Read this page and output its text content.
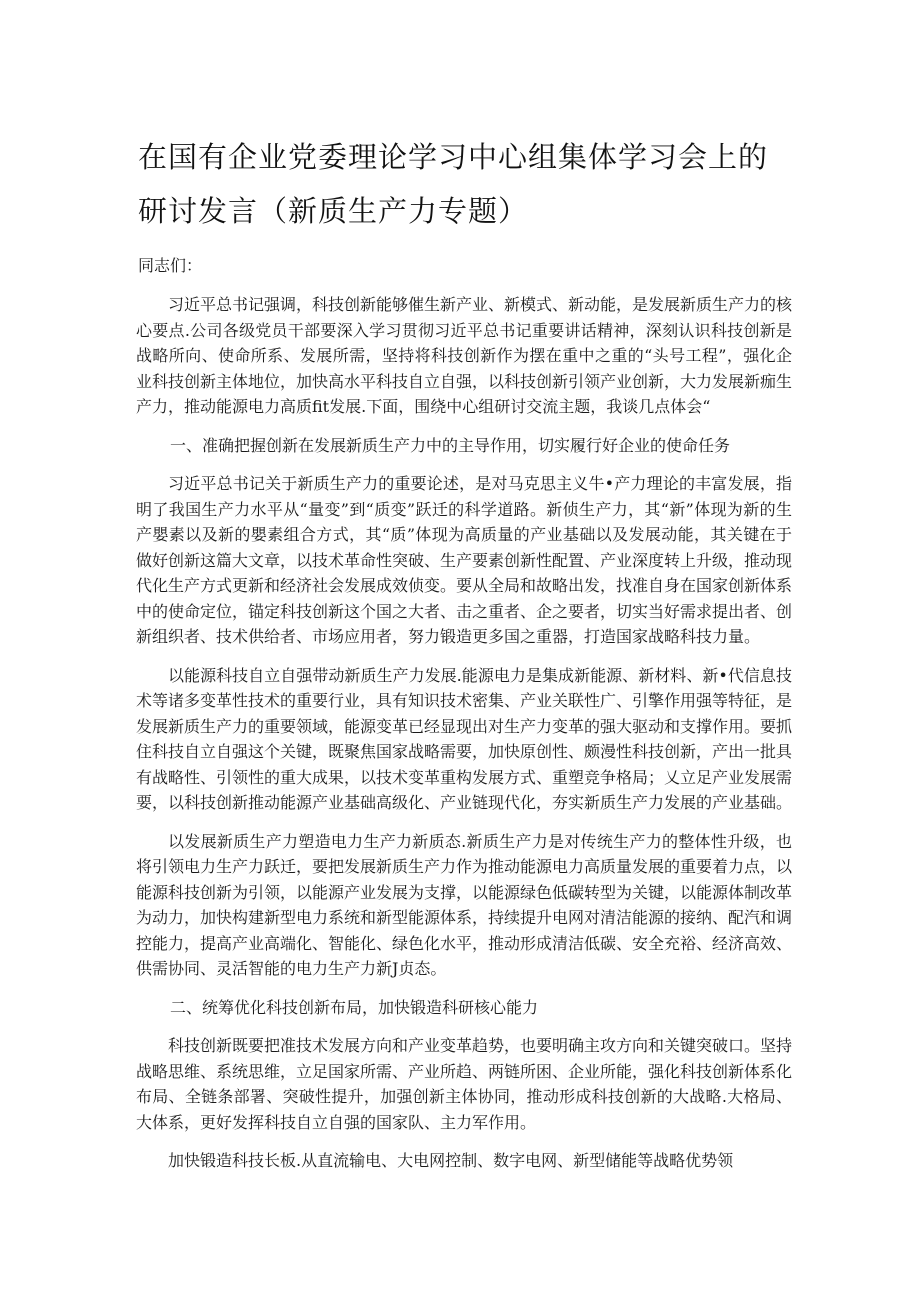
在国有企业党委理论学习中心组集体学习会上的研讨发言（新质生产力专题）

同志们：

习近平总书记强调，科技创新能够催生新产业、新模式、新动能，是发展新质生产力的核心要点.公司各级党员干部要深入学习贯彻习近平总书记重要讲话精神，深刻认识科技创新是战略所向、使命所系、发展所需，坚持将科技创新作为摆在重中之重的“头号工程”，强化企业科技创新主体地位，加快高水平科技自立自强，以科技创新引领产业创新，大力发展新痂生产力，推动能源电力高质fit发展.下面，围绕中心组研讨交流主题，我谈几点体会“

一、准确把握创新在发展新质生产力中的主导作用，切实履行好企业的使命任务

习近平总书记关于新质生产力的重要论述，是对马克思主义牛•产力理论的丰富发展，指明了我国生产力水平从“量变”到“质变”跃迁的科学道路。新侦生产力，其“新”体现为新的生产嬰素以及新的嬰素组合方式，其“质”体现为高质量的产业基础以及发展动能，其关键在于做好创新这篇大文章，以技术革命性突破、生产要素创新性配置、产业深度转上升级，推动现代化生产方式更新和经济社会发展成效侦变。要从全局和故略出发，找准自身在国家创新体系中的使命定位，锚定科技创新这个国之大者、击之重者、企之要者，切实当好需求提出者、创新组织者、技术供给者、市场应用者，努力锻造更多国之重器，打造国家战略科技力量。

以能源科技自立自强带动新质生产力发展.能源电力是集成新能源、新材料、新•代信息技术等诸多变革性技术的重要行业，具有知识技术密集、产业关联性广、引擎作用强等特征，是发展新质生产力的重要领域，能源变革已经显现出对生产力变革的强大驱动和支撑作用。要抓住科技自立自强这个关键，既聚焦国家战略需要，加快原创性、颇漫性科技创新，产出一批具有战略性、引领性的重大成果，以技术变革重构发展方式、重塑竞争格局；乂立足产业发展需要，以科技创新推动能源产业基础高级化、产业链现代化，夯实新质生产力发展的产业基础。

以发展新质生产力塑造电力生产力新质态.新质生产力是对传统生产力的整体性升级，也将引领电力生产力跃迁，要把发展新质生产力作为推动能源电力高质量发展的重要着力点，以能源科技创新为引领，以能源产业发展为支撑，以能源绿色低碳转型为关键，以能源体制改革为动力，加快构建新型电力系统和新型能源体系，持续提升电网对清洁能源的接纳、配汽和调控能力，提高产业高端化、智能化、绿色化水平，推动形成清洁低碳、安全充裕、经济高效、供需协同、灵活智能的电力生产力新J贞态。

二、统筹优化科技创新布局，加快锻造科研核心能力

科技创新既要把准技术发展方向和产业变革趋势，也要明确主攻方向和关键突破口。坚持战略思维、系统思维，立足国家所需、产业所趋、两链所困、企业所能，强化科技创新体系化布局、全链条部署、突破性提升，加强创新主体协同，推动形成科技创新的大战略.大格局、大体系，更好发挥科技自立自强的国家队、主力军作用。

加快锻造科技长板.从直流输电、大电网控制、数字电网、新型储能等战略优势领
